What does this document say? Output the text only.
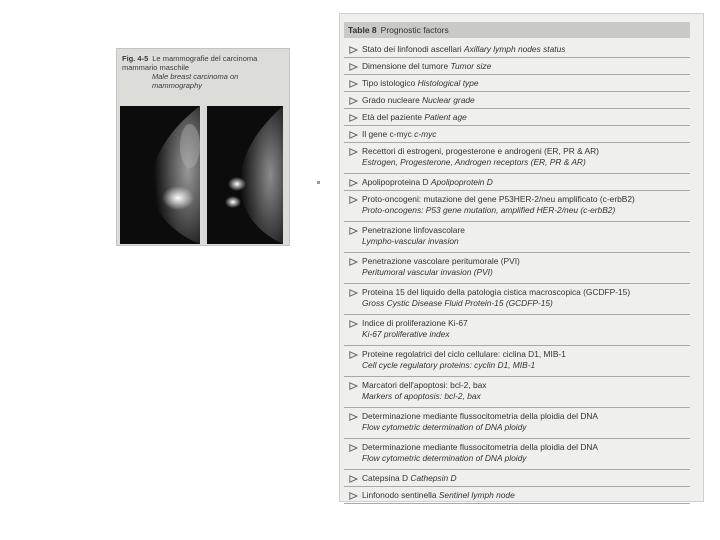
Fig. 4-5 Le mammografie del carcinoma mammario maschile
Male breast carcinoma on mammography
Table 8 Prognostic factors
Stato dei linfonodi ascellari Axillary lymph nodes status
Dimensione del tumore Tumor size
Tipo istologico Histological type
Grado nucleare Nuclear grade
Età del paziente Patient age
Il gene c-myc c-myc
Recettori di estrogeni, progesterone e androgeni (ER, PR & AR)
Estrogen, Progesterone, Androgen receptors (ER, PR & AR)
Apolipoproteina D Apolipoprotein D
Proto-oncogeni: mutazione del gene P53HER-2/neu amplificato (c-erbB2)
Proto-oncogens: P53 gene mutation, amplified HER-2/neu (c-erbB2)
Penetrazione linfovascolare
Lympho-vascular invasion
Penetrazione vascolare peritumorale (PVI)
Peritumoral vascular invasion (PVI)
Proteina 15 del liquido della patologia cistica macroscopica (GCDFP-15)
Gross Cystic Disease Fluid Protein-15 (GCDFP-15)
Indice di proliferazione Ki-67
Ki-67 proliferative index
Proteine regolatrici del ciclo cellulare: ciclina D1, MIB-1
Cell cycle regulatory proteins: cyclin D1, MIB-1
Marcatori dell'apoptosi: bcl-2, bax
Markers of apoptosis: bcl-2, bax
Determinazione mediante flussocitometria della ploidia del DNA
Flow cytometric determination of DNA ploidy
Determinazione mediante flussocitometria della ploidia del DNA
Flow cytometric determination of DNA ploidy
Catepsina D Cathepsin D
Linfonodo sentinella Sentinel lymph node
